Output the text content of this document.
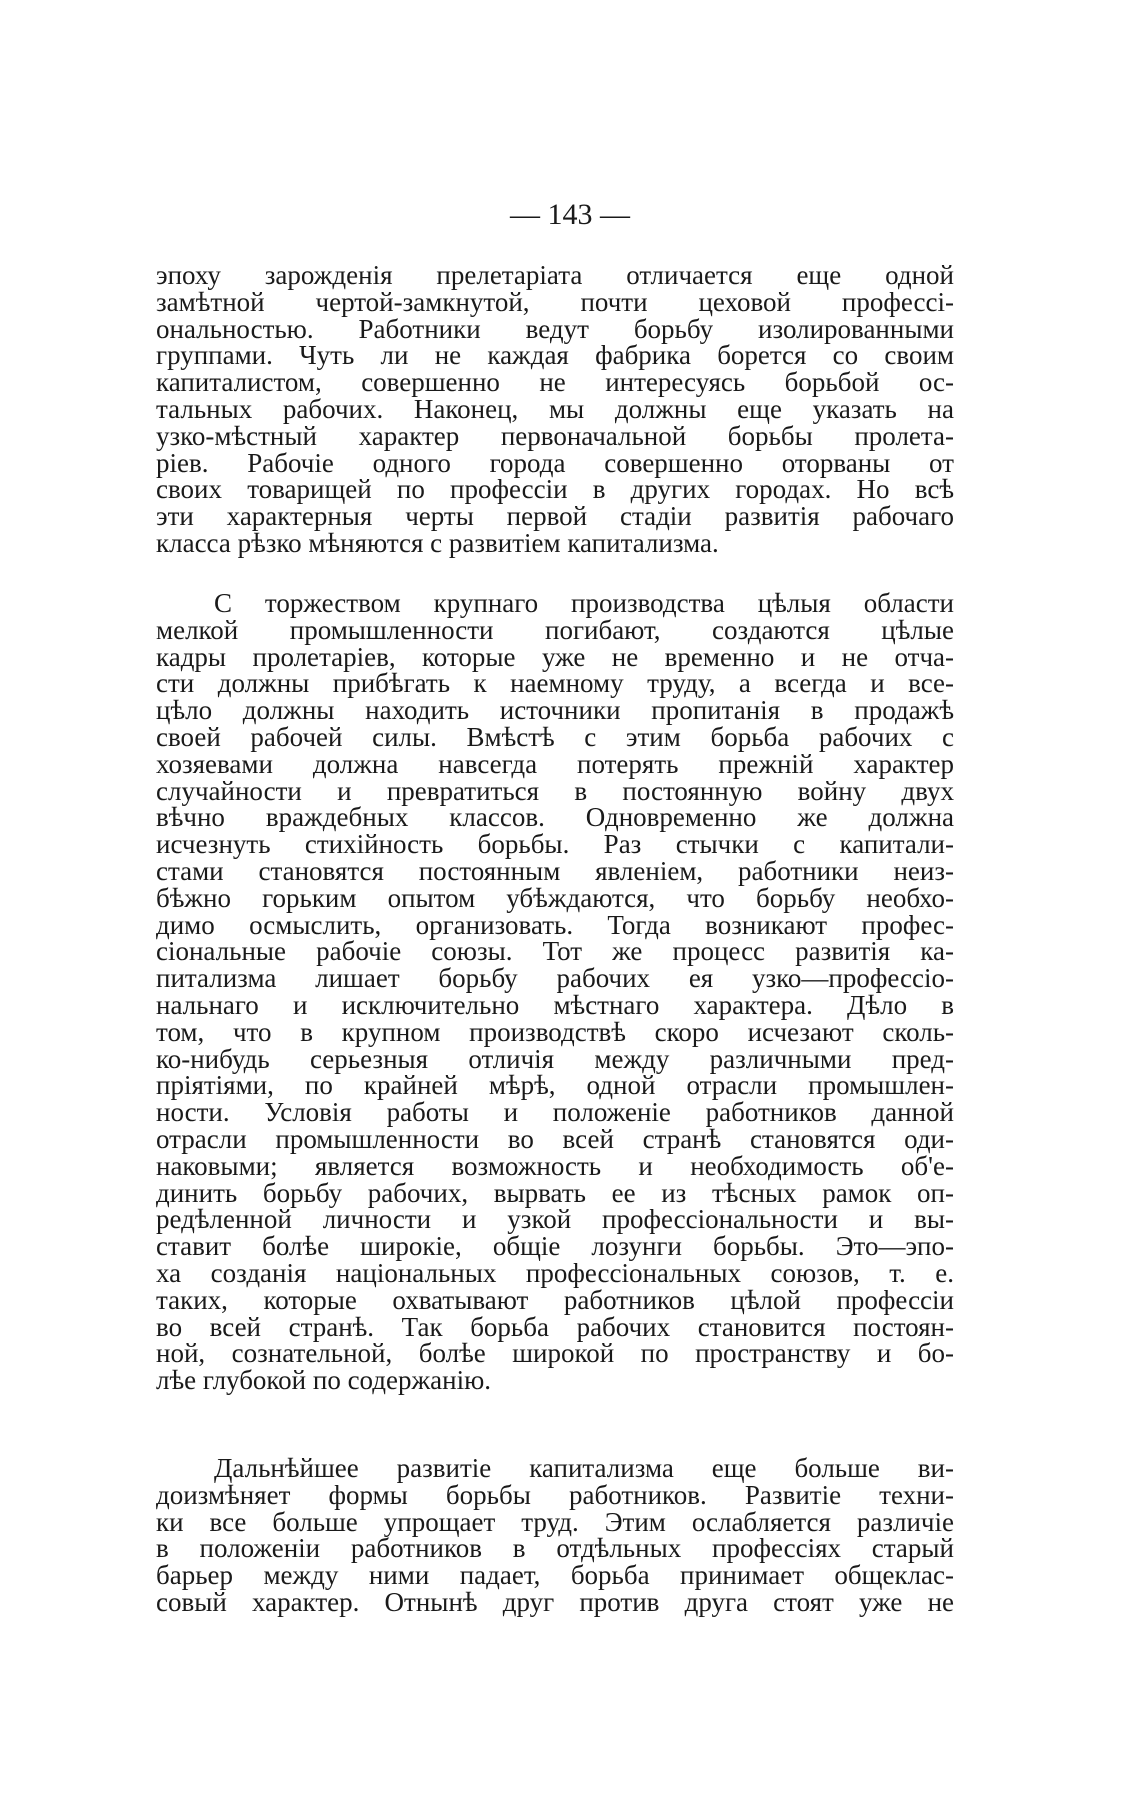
— 143 —
эпоху зарожденія прелетаріата отличается еще одной
замѣтной чертой-замкнутой, почти цеховой профессі-
ональностью. Работники ведут борьбу изолированными
группами. Чуть ли не каждая фабрика борется со своим
капиталистом, совершенно не интересуясь борьбой ос-
тальных рабочих. Наконец, мы должны еще указать на
узко-мѣстный характер первоначальной борьбы пролета-
ріев. Рабочіе одного города совершенно оторваны от
своих товарищей по профессіи в других городах. Но всѣ
эти характерныя черты первой стадіи развитія рабочаго
класса рѣзко мѣняются с развитіем капитализма.
С торжеством крупнаго производства цѣлыя области
мелкой промышленности погибают, создаются цѣлые
кадры пролетаріев, которые уже не временно и не отча-
сти должны прибѣгать к наемному труду, а всегда и все-
цѣло должны находить источники пропитанія в продажѣ
своей рабочей силы. Вмѣстѣ с этим борьба рабочих с
хозяевами должна навсегда потерять прежній характер
случайности и превратиться в постоянную войну двух
вѣчно враждебных классов. Одновременно же должна
исчезнуть стихійность борьбы. Раз стычки с капитали-
стами становятся постоянным явленіем, работники неиз-
бѣжно горьким опытом убѣждаются, что борьбу необхо-
димо осмыслить, организовать. Тогда возникают профес-
сіональные рабочіе союзы. Тот же процесс развитія ка-
питализма лишает борьбу рабочих ея узко—профессіо-
нальнаго и исключительно мѣстнаго характера. Дѣло в
том, что в крупном производствѣ скоро исчезают сколь-
ко-нибудь серьезныя отличія между различными пред-
пріятіями, по крайней мѣрѣ, одной отрасли промышлен-
ности. Условія работы и положеніе работников данной
отрасли промышленности во всей странѣ становятся оди-
наковыми; является возможность и необходимость об'е-
динить борьбу рабочих, вырвать ее из тѣсных рамок оп-
редѣленной личности и узкой профессіональности и вы-
ставит болѣе широкіе, общіе лозунги борьбы. Это—эпо-
ха созданія національных профессіональных союзов, т. е.
таких, которые охватывают работников цѣлой профессіи
во всей странѣ. Так борьба рабочих становится постоян-
ной, сознательной, болѣе широкой по пространству и бо-
лѣе глубокой по содержанію.
Дальнѣйшее развитіе капитализма еще больше ви-
доизмѣняет формы борьбы работников. Развитіе техни-
ки все больше упрощает труд. Этим ослабляется различіе
в положеніи работников в отдѣльных профессіях старый
барьер между ними падает, борьба принимает общеклас-
совый характер. Отнынѣ друг против друга стоят уже не
